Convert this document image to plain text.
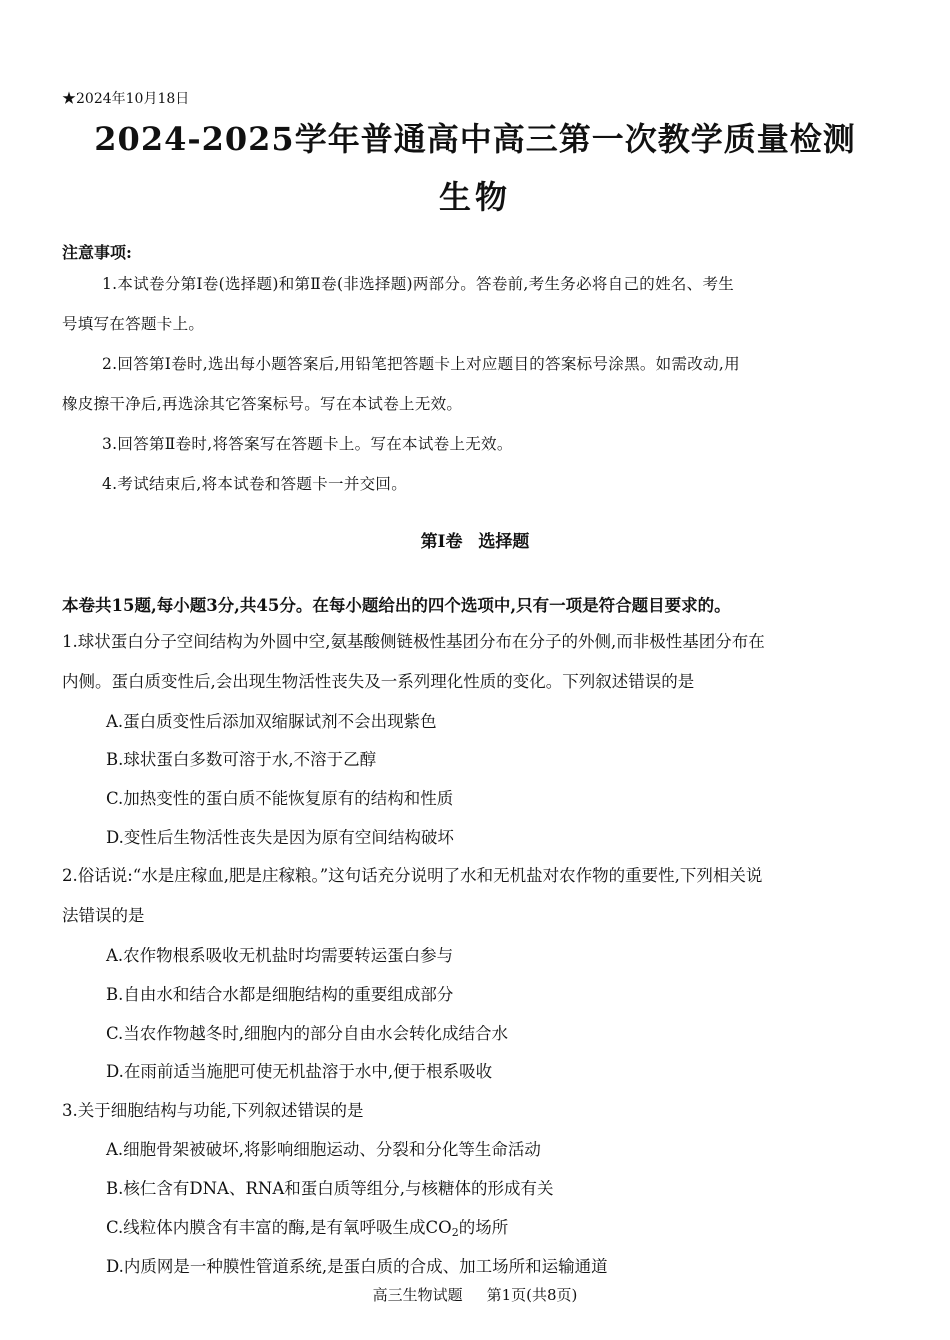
★2024年10月18日
2024-2025学年普通高中高三第一次教学质量检测
生物
注意事项:
1.本试卷分第Ⅰ卷(选择题)和第Ⅱ卷(非选择题)两部分。答卷前,考生务必将自己的姓名、考生
号填写在答题卡上。
2.回答第Ⅰ卷时,选出每小题答案后,用铅笔把答题卡上对应题目的答案标号涂黑。如需改动,用
橡皮擦干净后,再选涂其它答案标号。写在本试卷上无效。
3.回答第Ⅱ卷时,将答案写在答题卡上。写在本试卷上无效。
4.考试结束后,将本试卷和答题卡一并交回。
第Ⅰ卷 选择题
本卷共15题,每小题3分,共45分。在每小题给出的四个选项中,只有一项是符合题目要求的。
1.球状蛋白分子空间结构为外圆中空,氨基酸侧链极性基团分布在分子的外侧,而非极性基团分布在
内侧。蛋白质变性后,会出现生物活性丧失及一系列理化性质的变化。下列叙述错误的是
A.蛋白质变性后添加双缩脲试剂不会出现紫色
B.球状蛋白多数可溶于水,不溶于乙醇
C.加热变性的蛋白质不能恢复原有的结构和性质
D.变性后生物活性丧失是因为原有空间结构破坏
2.俗话说:“水是庄稼血,肥是庄稼粮。”这句话充分说明了水和无机盐对农作物的重要性,下列相关说
法错误的是
A.农作物根系吸收无机盐时均需要转运蛋白参与
B.自由水和结合水都是细胞结构的重要组成部分
C.当农作物越冬时,细胞内的部分自由水会转化成结合水
D.在雨前适当施肥可使无机盐溶于水中,便于根系吸收
3.关于细胞结构与功能,下列叙述错误的是
A.细胞骨架被破坏,将影响细胞运动、分裂和分化等生命活动
B.核仁含有DNA、RNA和蛋白质等组分,与核糖体的形成有关
C.线粒体内膜含有丰富的酶,是有氧呼吸生成$CO_2$的场所
D.内质网是一种膜性管道系统,是蛋白质的合成、加工场所和运输通道
高三生物试题 第1页(共8页)
